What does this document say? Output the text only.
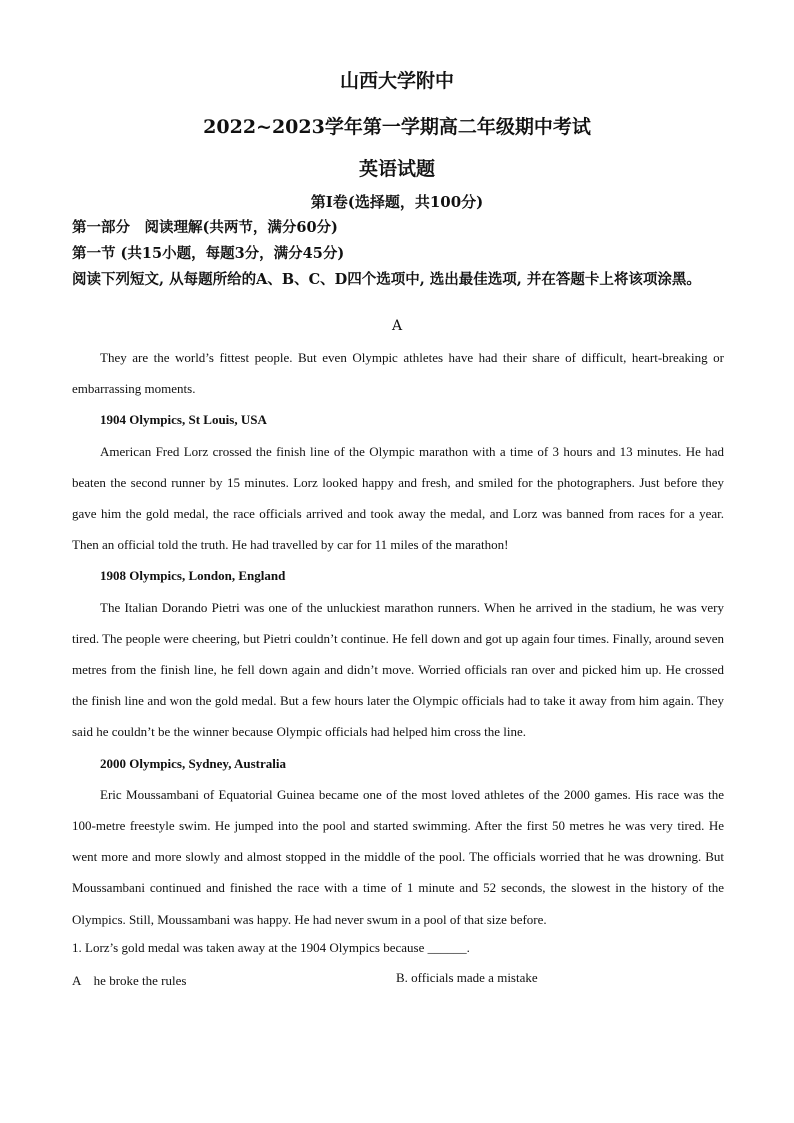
山西大学附中
2022~2023学年第一学期高二年级期中考试
英语试题
第Ⅰ卷(选择题，共100分)
第一部分　阅读理解(共两节，满分60分)
第一节 (共15小题，每题3分，满分45分)
阅读下列短文, 从每题所给的A、B、C、D四个选项中, 选出最佳选项, 并在答题卡上将该项涂黑。
A

They are the world’s fittest people. But even Olympic athletes have had their share of difficult, heart-breaking or embarrassing moments.

1904 Olympics, St Louis, USA

American Fred Lorz crossed the finish line of the Olympic marathon with a time of 3 hours and 13 minutes. He had beaten the second runner by 15 minutes. Lorz looked happy and fresh, and smiled for the photographers. Just before they gave him the gold medal, the race officials arrived and took away the medal, and Lorz was banned from races for a year. Then an official told the truth. He had travelled by car for 11 miles of the marathon!

1908 Olympics, London, England

The Italian Dorando Pietri was one of the unluckiest marathon runners. When he arrived in the stadium, he was very tired. The people were cheering, but Pietri couldn’t continue. He fell down and got up again four times. Finally, around seven metres from the finish line, he fell down again and didn’t move. Worried officials ran over and picked him up. He crossed the finish line and won the gold medal. But a few hours later the Olympic officials had to take it away from him again. They said he couldn’t be the winner because Olympic officials had helped him cross the line.

2000 Olympics, Sydney, Australia

Eric Moussambani of Equatorial Guinea became one of the most loved athletes of the 2000 games. His race was the 100-metre freestyle swim. He jumped into the pool and started swimming. After the first 50 metres he was very tired. He went more and more slowly and almost stopped in the middle of the pool. The officials worried that he was drowning. But Moussambani continued and finished the race with a time of 1 minute and 52 seconds, the slowest in the history of the Olympics. Still, Moussambani was happy. He had never swum in a pool of that size before.

1. Lorz’s gold medal was taken away at the 1904 Olympics because ______.
A　he broke the rules	B. officials made a mistake
